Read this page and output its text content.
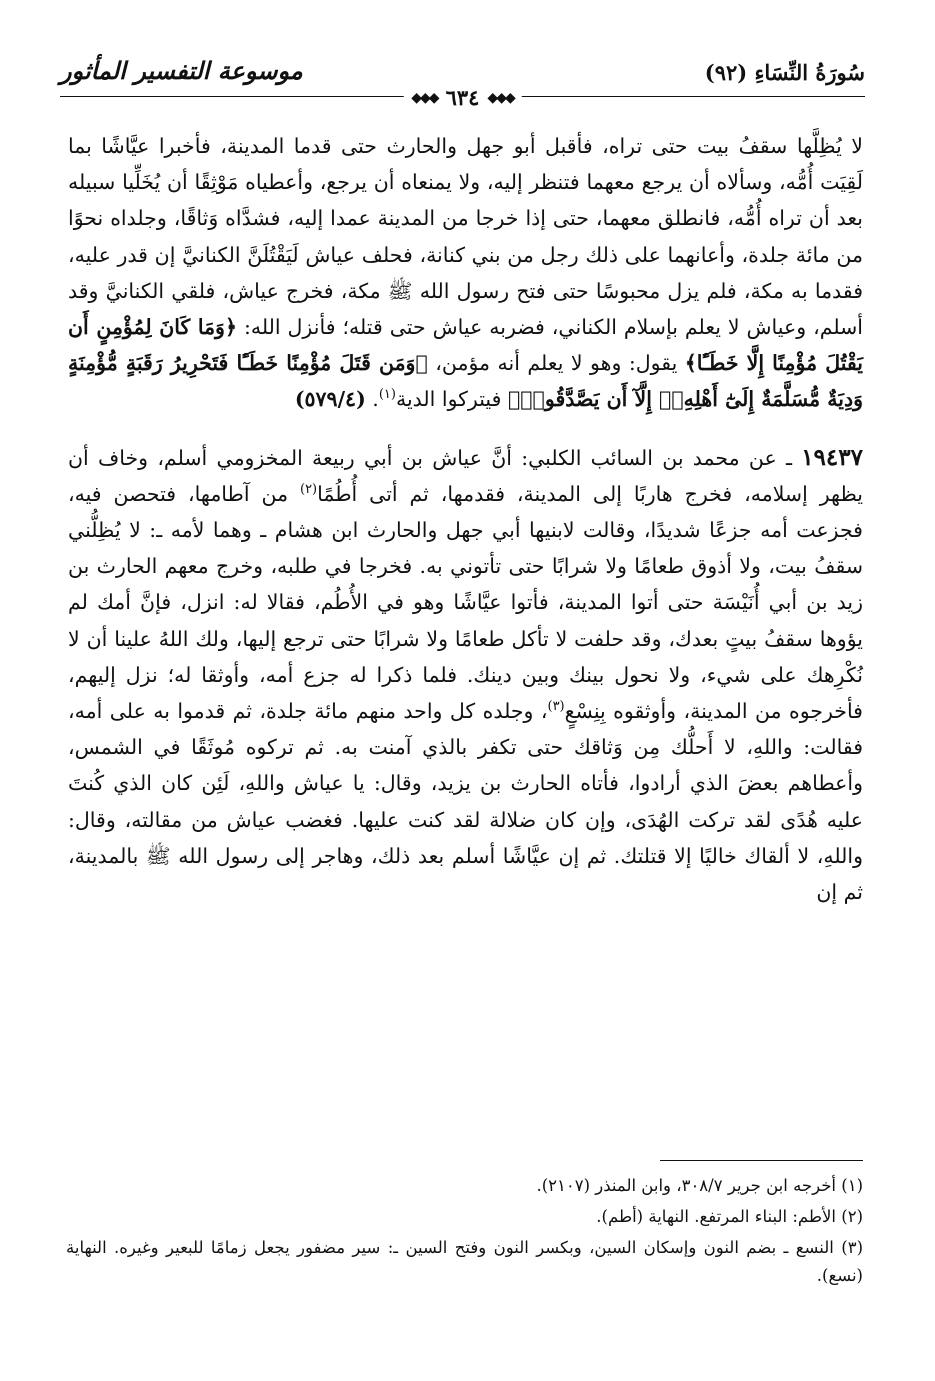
سُورَةُ النِّسَاءِ (٩٢)
◆◆◆
٦٣٤
◆◆◆
موسوعة التفسير المأثور

لا يُظِلَّها سقفُ بيت حتى تراه، فأقبل أبو جهل والحارث حتى قدما المدينة، فأخبرا عيَّاشًا بما لَقِيَت أُمُّه، وسألاه أن يرجع معهما فتنظر إليه، ولا يمنعاه أن يرجع، وأعطياه مَوْثِقًا أن يُخَلِّيا سبيله بعد أن تراه أُمُّه، فانطلق معهما، حتى إذا خرجا من المدينة عمدا إليه، فشدَّاه وَثاقًا، وجلداه نحوًا من مائة جلدة، وأعانهما على ذلك رجل من بني كنانة، فحلف عياش لَيَقْتُلَنَّ الكنانيَّ إن قدر عليه، فقدما به مكة، فلم يزل محبوسًا حتى فتح رسول الله ﷺ مكة، فخرج عياش، فلقي الكنانيَّ وقد أسلم، وعياش لا يعلم بإسلام الكناني، فضربه عياش حتى قتله؛ فأنزل الله: ﴿وَمَا كَانَ لِمُؤْمِنٍ أَن يَقْتُلَ مُؤْمِنًا إِلَّا خَطَـًٔا﴾ يقول: وهو لا يعلم أنه مؤمن، ﴿وَمَن قَتَلَ مُؤْمِنًا خَطَـًٔا فَتَحْرِيرُ رَقَبَةٍ مُّؤْمِنَةٍ وَدِيَةٌ مُّسَلَّمَةٌ إِلَىٰٓ أَهْلِهِۦٓ إِلَّآ أَن يَصَّدَّقُوا۟﴾ فيتركوا الدية$^{(١)}$. (٥٧٩/٤)

١٩٤٣٧ ـ عن محمد بن السائب الكلبي: أنَّ عياش بن أبي ربيعة المخزومي أسلم، وخاف أن يظهر إسلامه، فخرج هاربًا إلى المدينة، فقدمها، ثم أتى أُطُمًا$^{(٢)}$ من آطامها، فتحصن فيه، فجزعت أمه جزعًا شديدًا، وقالت لابنيها أبي جهل والحارث ابن هشام ـ وهما لأمه ـ: لا يُظِلُّني سقفُ بيت، ولا أذوق طعامًا ولا شرابًا حتى تأتوني به. فخرجا في طلبه، وخرج معهم الحارث بن زيد بن أبي أُنَيْسَة حتى أتوا المدينة، فأتوا عيَّاشًا وهو في الأُطُم، فقالا له: انزل، فإنَّ أمك لم يؤوها سقفُ بيتٍ بعدك، وقد حلفت لا تأكل طعامًا ولا شرابًا حتى ترجع إليها، ولك اللهُ علينا أن لا نُكْرِهك على شيء، ولا نحول بينك وبين دينك. فلما ذكرا له جزع أمه، وأوثقا له؛ نزل إليهم، فأخرجوه من المدينة، وأوثقوه بِنِسْعٍ$^{(٣)}$، وجلده كل واحد منهم مائة جلدة، ثم قدموا به على أمه، فقالت: واللهِ، لا أَحلُّك مِن وَثاقك حتى تكفر بالذي آمنت به. ثم تركوه مُوثَقًا في الشمس، وأعطاهم بعضَ الذي أرادوا، فأتاه الحارث بن يزيد، وقال: يا عياش واللهِ، لَئِن كان الذي كُنتَ عليه هُدًى لقد تركت الهُدَى، وإن كان ضلالة لقد كنت عليها. فغضب عياش من مقالته، وقال: واللهِ، لا ألقاك خاليًا إلا قتلتك. ثم إن عيَّاشًا أسلم بعد ذلك، وهاجر إلى رسول الله ﷺ بالمدينة، ثم إن

(١) أخرجه ابن جرير ٣٠٨/٧، وابن المنذر (٢١٠٧).

(٢) الأطم: البناء المرتفع. النهاية (أطم).

(٣) النسع ـ بضم النون وإسكان السين، وبكسر النون وفتح السين ـ: سير مضفور يجعل زمامًا للبعير وغيره. النهاية (نسع).
